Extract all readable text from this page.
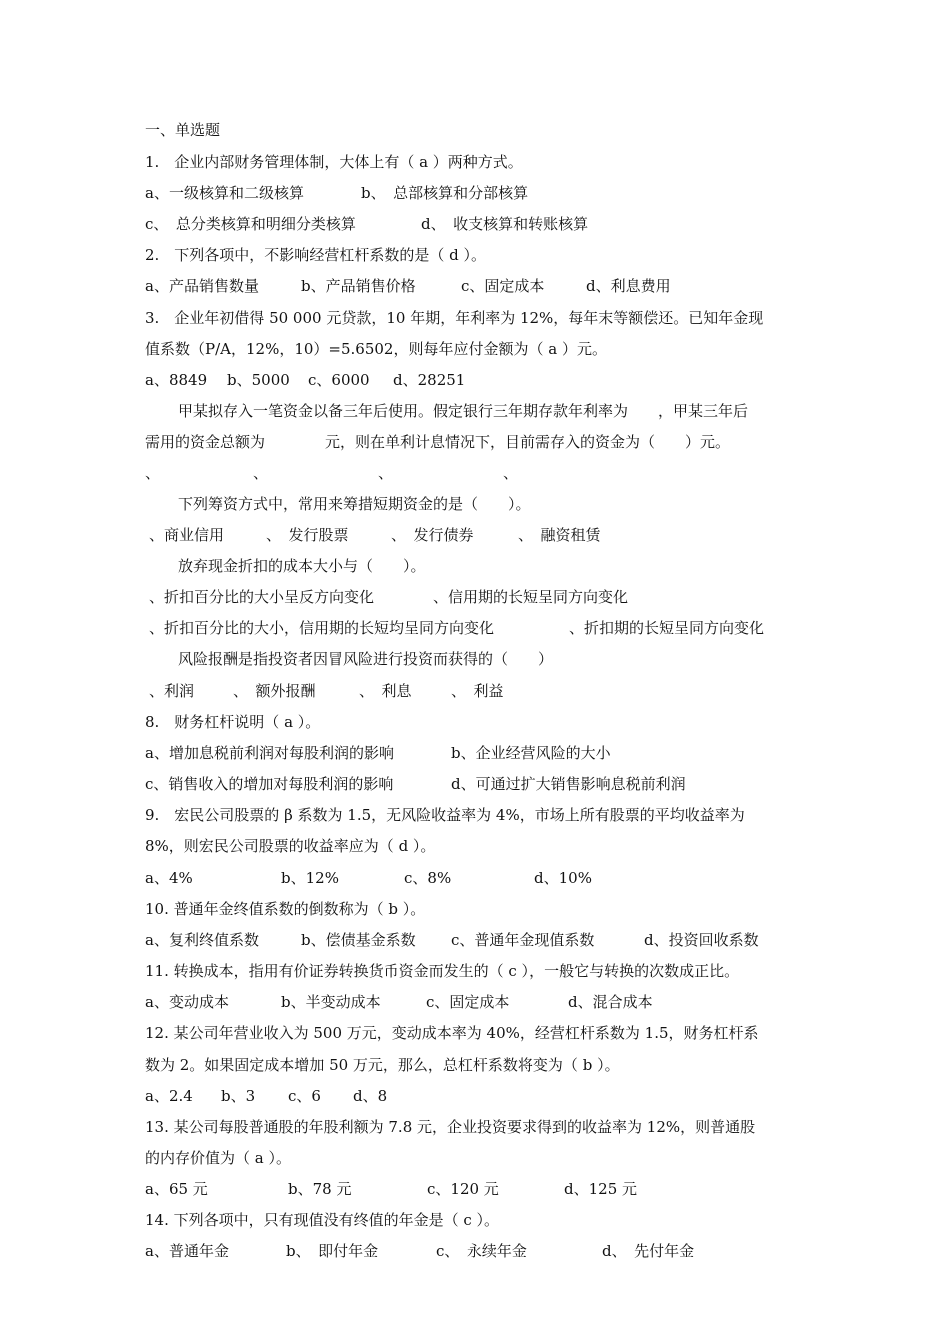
一、单选题
1.　企业内部财务管理体制，大体上有（ a ）两种方式。
a、一级核算和二级核算	b、　总部核算和分部核算
c、　总分类核算和明细分类核算	d、　收支核算和转账核算
2.　下列各项中，不影响经营杠杆系数的是（ d ）。
a、产品销售数量	b、产品销售价格	c、固定成本	d、利息费用
3.　企业年初借得 50 000 元贷款，10 年期，年利率为 12%，每年末等额偿还。已知年金现
值系数（P/A，12%，10）=5.6502，则每年应付金额为（ a ）元。
a、8849 b、5000 c、6000 d、28251
甲某拟存入一笔资金以备三年后使用。假定银行三年期存款年利率为　　，甲某三年后
需用的资金总额为　　　　元，则在单利计息情况下，目前需存入的资金为（　　）元。
、	、	、	、
下列筹资方式中，常用来筹措短期资金的是（　　）。
、商业信用	、　发行股票	、　发行债券	、　融资租赁
放弃现金折扣的成本大小与（　　）。
、折扣百分比的大小呈反方向变化	、信用期的长短呈同方向变化
、折扣百分比的大小，信用期的长短均呈同方向变化	、折扣期的长短呈同方向变化
风险报酬是指投资者因冒风险进行投资而获得的（　　）
、利润	、　额外报酬	、　利息	、　利益
8.　财务杠杆说明（ a ）。
a、增加息税前利润对每股利润的影响	b、企业经营风险的大小
c、销售收入的增加对每股利润的影响	d、可通过扩大销售影响息税前利润
9.　宏民公司股票的 β 系数为 1.5，无风险收益率为 4%，市场上所有股票的平均收益率为
8%，则宏民公司股票的收益率应为（ d ）。
a、4%	b、12%	c、8%	d、10%
10. 普通年金终值系数的倒数称为（ b ）。
a、复利终值系数	b、偿债基金系数 c、普通年金现值系数	d、投资回收系数
11. 转换成本，指用有价证券转换货币资金而发生的（ c ），一般它与转换的次数成正比。
a、变动成本	b、半变动成本	c、固定成本	d、混合成本
12. 某公司年营业收入为 500 万元，变动成本率为 40%，经营杠杆系数为 1.5，财务杠杆系
数为 2。如果固定成本增加 50 万元，那么，总杠杆系数将变为（ b ）。
a、2.4 b、3 c、6 d、8
13. 某公司每股普通股的年股利额为 7.8 元，企业投资要求得到的收益率为 12%，则普通股
的内存价值为（ a ）。
a、65 元	b、78 元	c、120 元	d、125 元
14. 下列各项中，只有现值没有终值的年金是（ c ）。
a、普通年金	b、　即付年金	c、　永续年金	d、　先付年金
